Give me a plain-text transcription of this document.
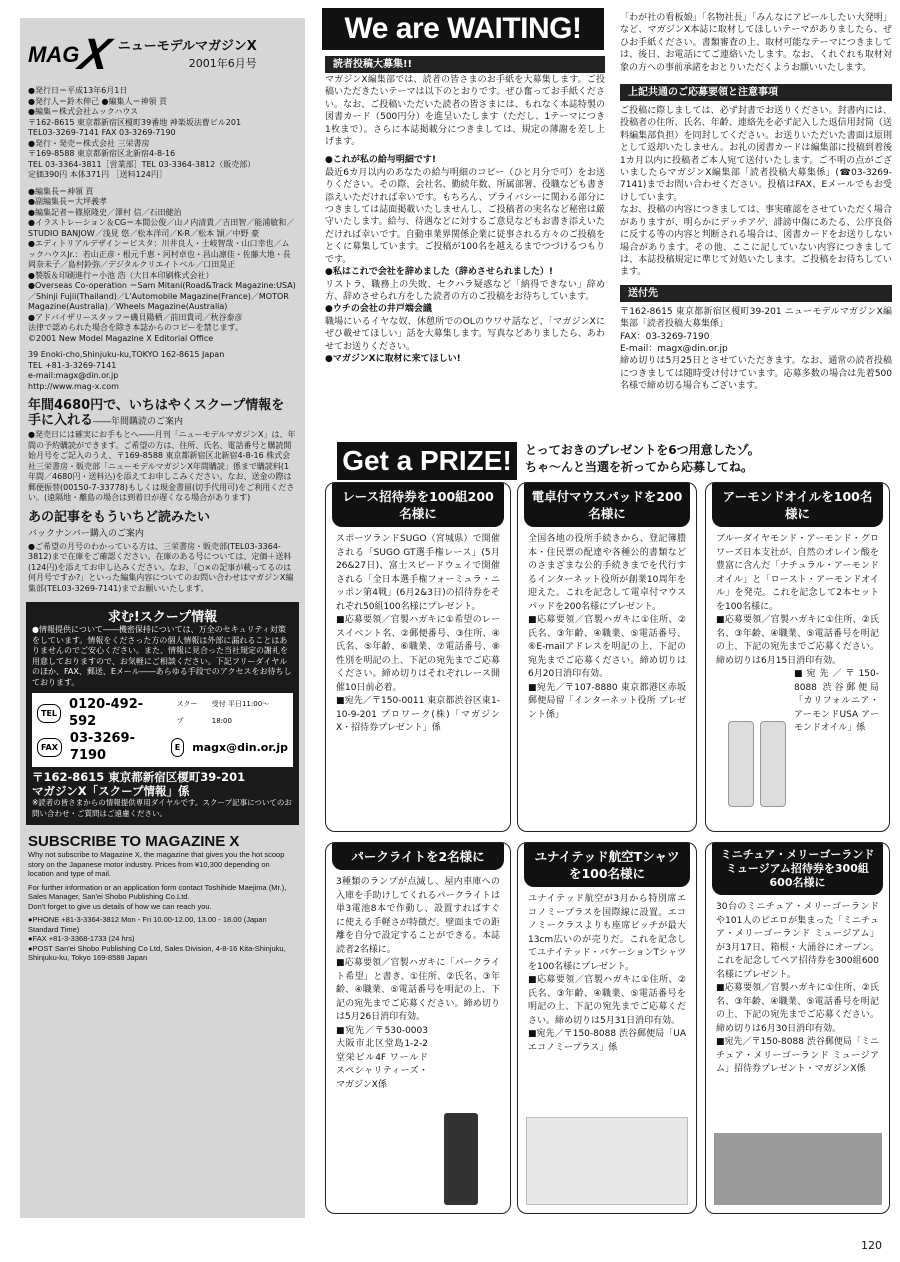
MAG
X ニューモデルマガジンX
2001年6月号

●発行日＝平成13年6月1日

●発行人＝鈴木伸己 ●編集人＝神領 貢

●編集＝株式会社ムックハウス

〒162-8615 東京都新宿区榎町39番地 神楽坂法曹ビル201

TEL03-3269-7141 FAX 03-3269-7190

●発行・発売＝株式会社 三栄書房

〒169-8588 東京都新宿区北新宿4-8-16

TEL 03-3364-3811［営業部］TEL 03-3364-3812（販売部）

定価390円 本体371円 ［送料124円］

●編集長＝神領 貢

●副編集長＝大坪義孝

●編集記者＝篠原隆史／澤村 信／石田健治

●イラストレーション＆CG＝本間公俊／山ノ内清貴／吉田智／能浦敏和／STUDIO BANJOW／浅見 悠／松本洋司／K-R／松本 頴／中野 豪

●エディトリアルデザイン＝ビスタ：川井良人・土岐智哉・山口幸也／ムックハウスJr.：若山正彦・根元千恵・河村卓也・昌山凛佳・佐藤大地・長岡奈未子／島村鈴弥／デジタルクリエイトベル／口田晃正

●製版＆印刷進行＝小池 浩（大日本印刷株式会社）

●Overseas Co-operation ＝Sam Mitani(Road&Track Magazine:USA)／Shinji Fujii(Thailand)／L'Automobile Magazine(France)／MOTOR Magazine(Australia)／Wheels Magazine(Australia)

●アドバイザリースタッフ＝磯貝陽栖／前田貴司／秋谷泰彦

法律で認められた場合を除き本誌からのコピーを禁じます。

©2001 New Model Magazine X Editorial Office

39 Enoki-cho,Shinjuku-ku,TOKYO 162-8615 Japan

TEL +81-3-3269-7141

e-mail:magx@din.or.jp

http://www.mag-x.com

年間4680円で、いちはやくスクープ情報を手に入れる――年間購読のご案内

●発売日には確実にお手もとへ――月刊「ニューモデルマガジンX」は、年間の予約購読ができます。ご希望の方は、住所、氏名、電話番号と購読開始月号をご記入のうえ、〒169-8588 東京都新宿区北新宿4-8-16 株式会社三栄書房・販売部「ニューモデルマガジンX年間購読」係まで購読料(1年間／4680円・送料込)を添えてお申しこみください。なお、送金の際は郵便振替(00150-7-33778)もしくは現金書留(切手代用可)をご利用ください。(遠隔地・離島の場合は到着日が遅くなる場合があります)

あの記事をもういちど読みたい
バックナンバー購入のご案内

●ご希望の月号のわかっている方は、三栄書房・販売部(TEL03-3364-3812)まで在庫をご確認ください。在庫のある号については、定価＋送料(124円)を添えてお申し込みください。なお、「○×の記事が載ってるのは何月号ですか?」といった編集内容についてのお問い合わせはマガジンX編集部(TEL03-3269-7141)までお願いいたします。

求む!スクープ情報

●情報提供について――機密保持については、万全のセキュリティ対策をしています。情報をくださった方の個人情報は外部に漏れることはありませんのでご安心ください。また、情報に見合った当社規定の謝礼を用意しておりますので、お気軽にご相談ください。下記フリーダイヤルのほか、FAX、郵送、Eメール――あらゆる手段でのアクセスをお待ちしております。

TEL
0120-492-592
スクープ
受付 平日11:00～18:00
FAX
03-3269-7190
E	magx@din.or.jp
〒162-8615 東京都新宿区榎町39-201
マガジンX「スクープ情報」係

※読者の皆さまからの情報提供専用ダイヤルです。スクープ記事についてのお問い合わせ・ご質問はご遠慮ください。

SUBSCRIBE TO MAGAZINE X

Why not subscribe to Magazine X, the magazine that gives you the hot scoop story on the Japanese motor industry. Prices from ¥10,300 depending on location and type of mail.

For further information or an application form contact Toshihide Maejima (Mr.), Sales Manager, San'ei Shobo Publishing Co.Ltd.

Don't forget to give us details of how we can reach you.

●PHONE +81-3-3364-3812 Mon - Fri 10.00-12.00, 13.00 - 18.00 (Japan Standard Time)

●FAX +81-3-3368-1733 (24 hrs)

●POST San'ei Shobo Publishing Co Ltd, Sales Division, 4-8-16 Kita-Shinjuku, Shinjuku-ku, Tokyo 169-8588 Japan

We are WAITING!
読者投稿大募集!!

マガジンX編集部では、読者の皆さまのお手紙を大募集します。ご投稿いただきたいテーマは以下のとおりです。ぜひ奮ってお手紙ください。なお、ご投稿いただいた読者の皆さまには、もれなく本誌特製の図書カード（500円分）を進呈いたします（ただし、1テーマにつき1枚まで）。さらに本誌掲載分につきましては、規定の薄謝を差し上げます。

●これが私の給与明細です!

最近6カ月以内のあなたの給与明細のコピー（ひと月分で可）をお送りください。その際、会社名、勤続年数、所属部署、役職なども書き添えいただければ幸いです。もちろん、プライバシーに関わる部分につきましては誌面掲載いたしませんし、ご投稿者の実名など秘密は厳守いたします。給与、待遇などに対するご意見などもお書き添えいただければ幸いです。自動車業界関係企業に従事される方々のご投稿をとくに募集しています。ご投稿が100名を越えるまでつづけるつもりです。

●私はこれで会社を辞めました（辞めさせられました）!

リストラ、職務上の失敗、セクハラ疑惑など「納得できない」辞め方、辞めさせられ方をした読者の方のご投稿をお待ちしています。

●ウチの会社の井戸端会議

職場にいるイヤな奴、休憩所でのOLのウワサ話など、「マガジンXにぜひ載せてほしい」話を大募集します。写真などありましたら、あわせてお送りください。

●マガジンXに取材に来てほしい!

「わが社の看板娘」「名物社長」「みんなにアピールしたい大発明」など、マガジンX本誌に取材してほしいテーマがありましたら、ぜひお手紙ください。書類審査の上、取材可能なテーマにつきましては、後日、お電話にてご連絡いたします。なお、くれぐれも取材対象の方への事前承諾をおとりいただくようお願いいたします。

上記共通のご応募要領と注意事項

ご投稿に際しましては、必ず封書でお送りください。封書内には、投稿者の住所、氏名、年齢、連絡先を必ず記入した返信用封筒（送料編集部負担）を同封してください。お送りいただいた書面は原則として返却いたしません。お礼の図書カードは編集部に投稿到着後1カ月以内に投稿者ご本人宛て送付いたします。ご不明の点がございましたらマガジンX編集部「読者投稿大募集係」(☎03-3269-7141)までお問い合わせください。投稿はFAX、Eメールでもお受けしています。

なお、投稿の内容につきましては、事実確認をさせていただく場合がありますが、明らかにデッチアゲ、誹謗中傷にあたる、公序良俗に反する等の内容と判断される場合は、図書カードをお送りしない場合があります。その他、ここに記していない内容につきましては、本誌投稿規定に準じて対処いたします。ご投稿をお待ちしています。

送付先

〒162-8615 東京都新宿区榎町39-201 ニューモデルマガジンX編集部「読者投稿大募集係」

FAX：03-3269-7190

E-mail：magx@din.or.jp

締め切りは5月25日とさせていただきます。なお、通常の読者投稿につきましては随時受け付けています。応募多数の場合は先着500名様で締め切る場合もございます。

Get a PRIZE!	とっておきのプレゼントを6つ用意したゾ。
ちゃ～んと当選を祈ってから応募してね。
レース招待券を100組200名様に

スポーツランドSUGO（宮城県）で開催される「SUGO GT選手権レース」(5月26&27日)、富士スピードウェイで開催される「全日本選手権フォーミュラ・ニッポン第4戦」(6月2&3日)の招待券をそれぞれ50組100名様にプレゼント。

■応募要領／官製ハガキに①希望のレースイベント名、②郵便番号、③住所、④氏名、⑤年齢、⑥職業、⑦電話番号、⑧性別を明記の上、下記の宛先までご応募ください。締め切りはそれぞれレース開催10日前必着。

■宛先／〒150-0011 東京都渋谷区東1-10-9-201 プロワーク(株)「マガジンX・招待券プレゼント」係

電卓付マウスパッドを200名様に

全国各地の役所手続きから、登記簿謄本・住民票の配達や各種公的書類などのさまざまな公的手続きまでを代行するインターネット役所が創業10周年を迎えた。これを記念して電卓付マウスパッドを200名様にプレゼント。

■応募要領／官製ハガキに①住所、②氏名、③年齢、④職業、⑤電話番号、⑥E-mailアドレスを明記の上、下記の宛先までご応募ください。締め切りは6月20日消印有効。

■宛先／〒107-8880 東京都港区赤坂郵便局留「インターネット役所 プレゼント係」

アーモンドオイルを100名様に

ブルーダイヤモンド・アーモンド・グロワーズ日本支社が、自然のオレイン酸を豊富に含んだ「ナチュラル・アーモンドオイル」と「ロースト・アーモンドオイル」を発売。これを記念して2本セットを100名様に。

■応募要領／官製ハガキに①住所、②氏名、③年齢、④職業、⑤電話番号を明記の上、下記の宛先までご応募ください。締め切りは6月15日消印有効。

■宛先／〒150-8088 渋谷郵便局「カリフォルニア・アーモンドUSA アーモンドオイル」係

パークライトを2名様に

3種類のランプが点滅し、屋内車庫への入庫を手助けしてくれるパークライトは単3電池8本で作動し、設置すればすぐに使える手軽さが特徴だ。壁面までの距離を自分で設定することができる。本誌読者2名様に。

■応募要領／官製ハガキに「パークライト希望」と書き、①住所、②氏名、③年齢、④職業、⑤電話番号を明記の上、下記の宛先までご応募ください。締め切りは5月26日消印有効。

■宛先／〒530-0003 大阪市北区堂島1-2-2堂栄ビル4F ワールドスペシャリティーズ・マガジンX係

ユナイテッド航空Tシャツを100名様に

ユナイテッド航空が3月から特別席エコノミープラスを国際線に設置。エコノミークラスよりも座席ピッチが最大13cm広いのが売りだ。これを記念してユナイテッド・バケーションTシャツを100名様にプレゼント。

■応募要領／官製ハガキに①住所、②氏名、③年齢、④職業、⑤電話番号を明記の上、下記の宛先までご応募ください。締め切りは5月31日消印有効。

■宛先／〒150-8088 渋谷郵便局「UAエコノミープラス」係

ミニチュア・メリーゴーランド ミュージアム招待券を300組600名様に

30台のミニチュア・メリーゴーランドや101人のピエロが集まった「ミニチュア・メリーゴーランド ミュージアム」が3月17日、箱根・大涌谷にオープン。これを記念してペア招待券を300組600名様にプレゼント。

■応募要領／官製ハガキに①住所、②氏名、③年齢、④職業、⑤電話番号を明記の上、下記の宛先までご応募ください。締め切りは6月30日消印有効。

■宛先／〒150-8088 渋谷郵便局「ミニチュア・メリーゴーランド ミュージアム」招待券プレゼント・マガジンX係

120
